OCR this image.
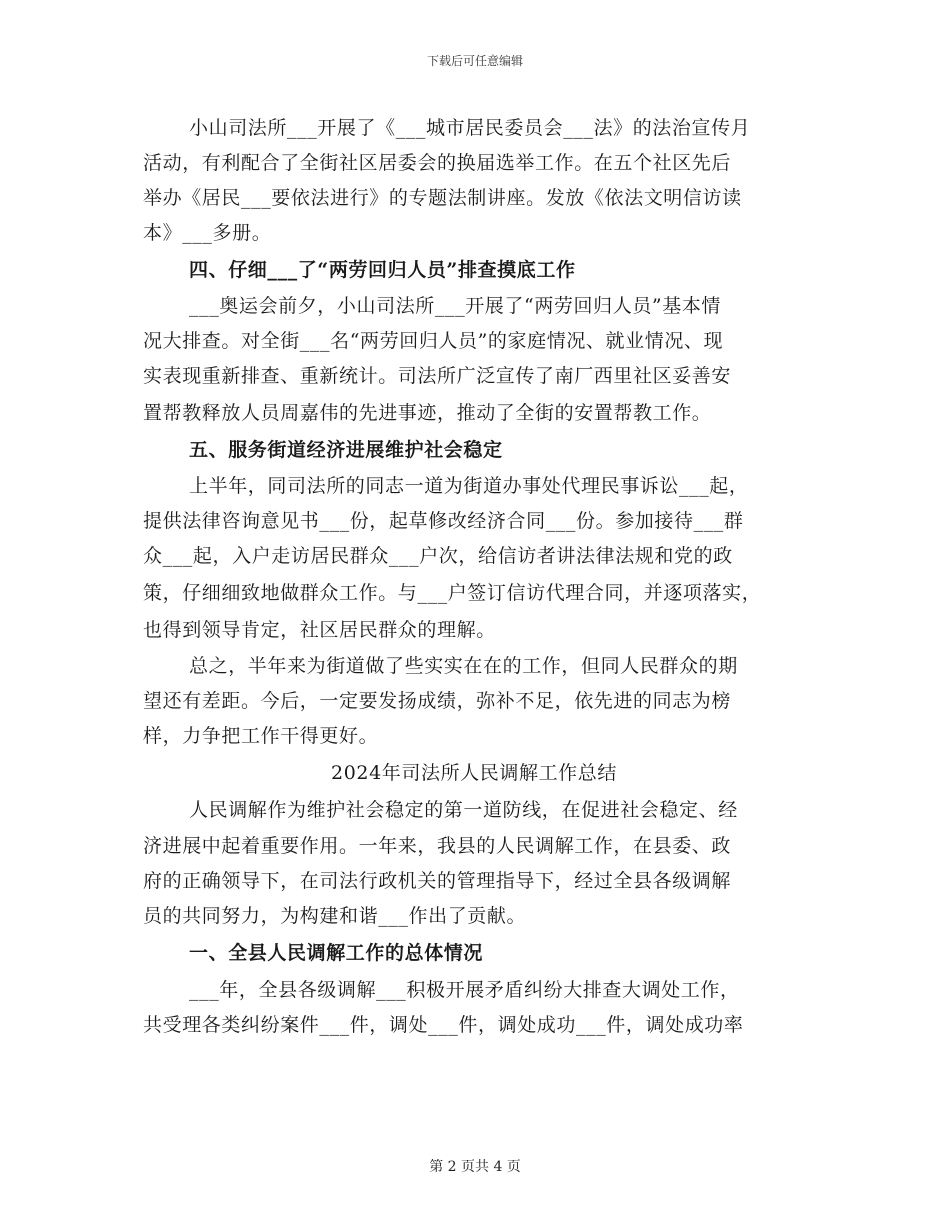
下载后可任意编辑
小山司法所___开展了《___城市居民委员会___法》的法治宣传月
活动，有利配合了全街社区居委会的换届选举工作。在五个社区先后
举办《居民___要依法进行》的专题法制讲座。发放《依法文明信访读
本》___多册。
四、仔细___了“两劳回归人员”排查摸底工作
___奥运会前夕，小山司法所___开展了“两劳回归人员”基本情
况大排查。对全街___名“两劳回归人员”的家庭情况、就业情况、现
实表现重新排查、重新统计。司法所广泛宣传了南厂西里社区妥善安
置帮教释放人员周嘉伟的先进事迹，推动了全街的安置帮教工作。
五、服务街道经济进展维护社会稳定
上半年，同司法所的同志一道为街道办事处代理民事诉讼___起，
提供法律咨询意见书___份，起草修改经济合同___份。参加接待___群
众___起，入户走访居民群众___户次，给信访者讲法律法规和党的政
策，仔细细致地做群众工作。与___户签订信访代理合同，并逐项落实，
也得到领导肯定，社区居民群众的理解。
总之，半年来为街道做了些实实在在的工作，但同人民群众的期
望还有差距。今后，一定要发扬成绩，弥补不足，依先进的同志为榜
样，力争把工作干得更好。
2024年司法所人民调解工作总结
人民调解作为维护社会稳定的第一道防线，在促进社会稳定、经
济进展中起着重要作用。一年来，我县的人民调解工作，在县委、政
府的正确领导下，在司法行政机关的管理指导下，经过全县各级调解
员的共同努力，为构建和谐___作出了贡献。
一、全县人民调解工作的总体情况
___年，全县各级调解___积极开展矛盾纠纷大排查大调处工作，
共受理各类纠纷案件___件，调处___件，调处成功___件，调处成功率
第 2 页共 4 页
